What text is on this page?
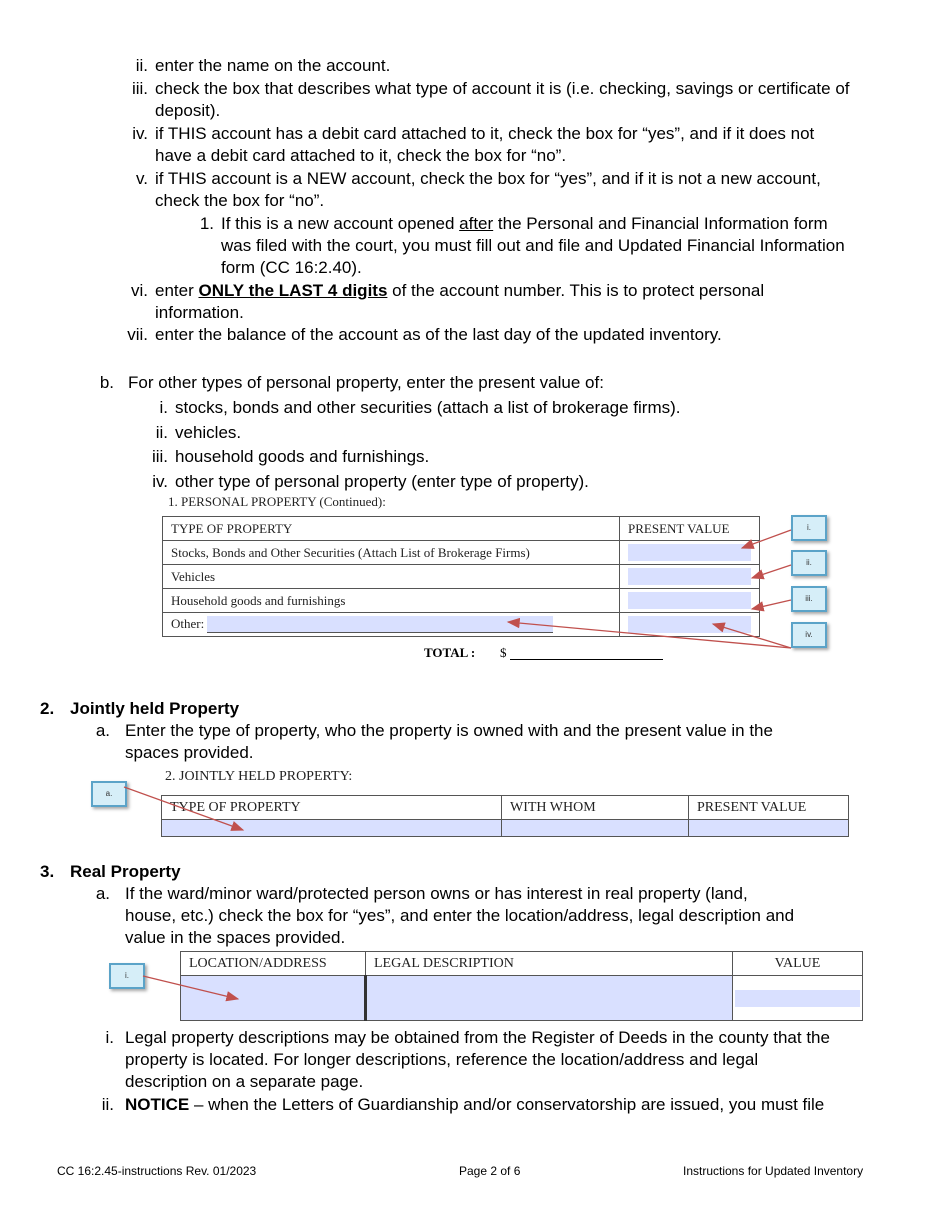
ii. enter the name on the account.
iii. check the box that describes what type of account it is (i.e. checking, savings or certificate of
deposit).
iv. if THIS account has a debit card attached to it, check the box for “yes”, and if it does not
have a debit card attached to it, check the box for “no”.
v. if THIS account is a NEW account, check the box for “yes”, and if it is not a new account,
check the box for “no”.
1. If this is a new account opened after the Personal and Financial Information form
was filed with the court, you must fill out and file and Updated Financial Information
form (CC 16:2.40).
vi. enter ONLY the LAST 4 digits of the account number. This is to protect personal
information.
vii. enter the balance of the account as of the last day of the updated inventory.
b. For other types of personal property, enter the present value of:
i. stocks, bonds and other securities (attach a list of brokerage firms).
ii. vehicles.
iii. household goods and furnishings.
iv. other type of personal property (enter type of property).
1. PERSONAL PROPERTY (Continued):
TYPE OF PROPERTY	PRESENT VALUE
Stocks, Bonds and Other Securities (Attach List of Brokerage Firms)	

Vehicles	

Household goods and furnishings	

Other:	
TOTAL : $
i.
ii.
iii.
iv.
2. Jointly held Property
a. Enter the type of property, who the property is owned with and the present value in the
spaces provided.
2. JOINTLY HELD PROPERTY:
TYPE OF PROPERTY	WITH WHOM	PRESENT VALUE

a.
3. Real Property
a. If the ward/minor ward/protected person owns or has interest in real property (land,
house, etc.) check the box for “yes”, and enter the location/address, legal description and
value in the spaces provided.
LOCATION/ADDRESS	LEGAL DESCRIPTION	VALUE

i.
i. Legal property descriptions may be obtained from the Register of Deeds in the county that the
property is located. For longer descriptions, reference the location/address and legal
description on a separate page.
ii. NOTICE – when the Letters of Guardianship and/or conservatorship are issued, you must file
CC 16:2.45-instructions Rev. 01/2023	Page 2 of 6	Instructions for Updated Inventory
